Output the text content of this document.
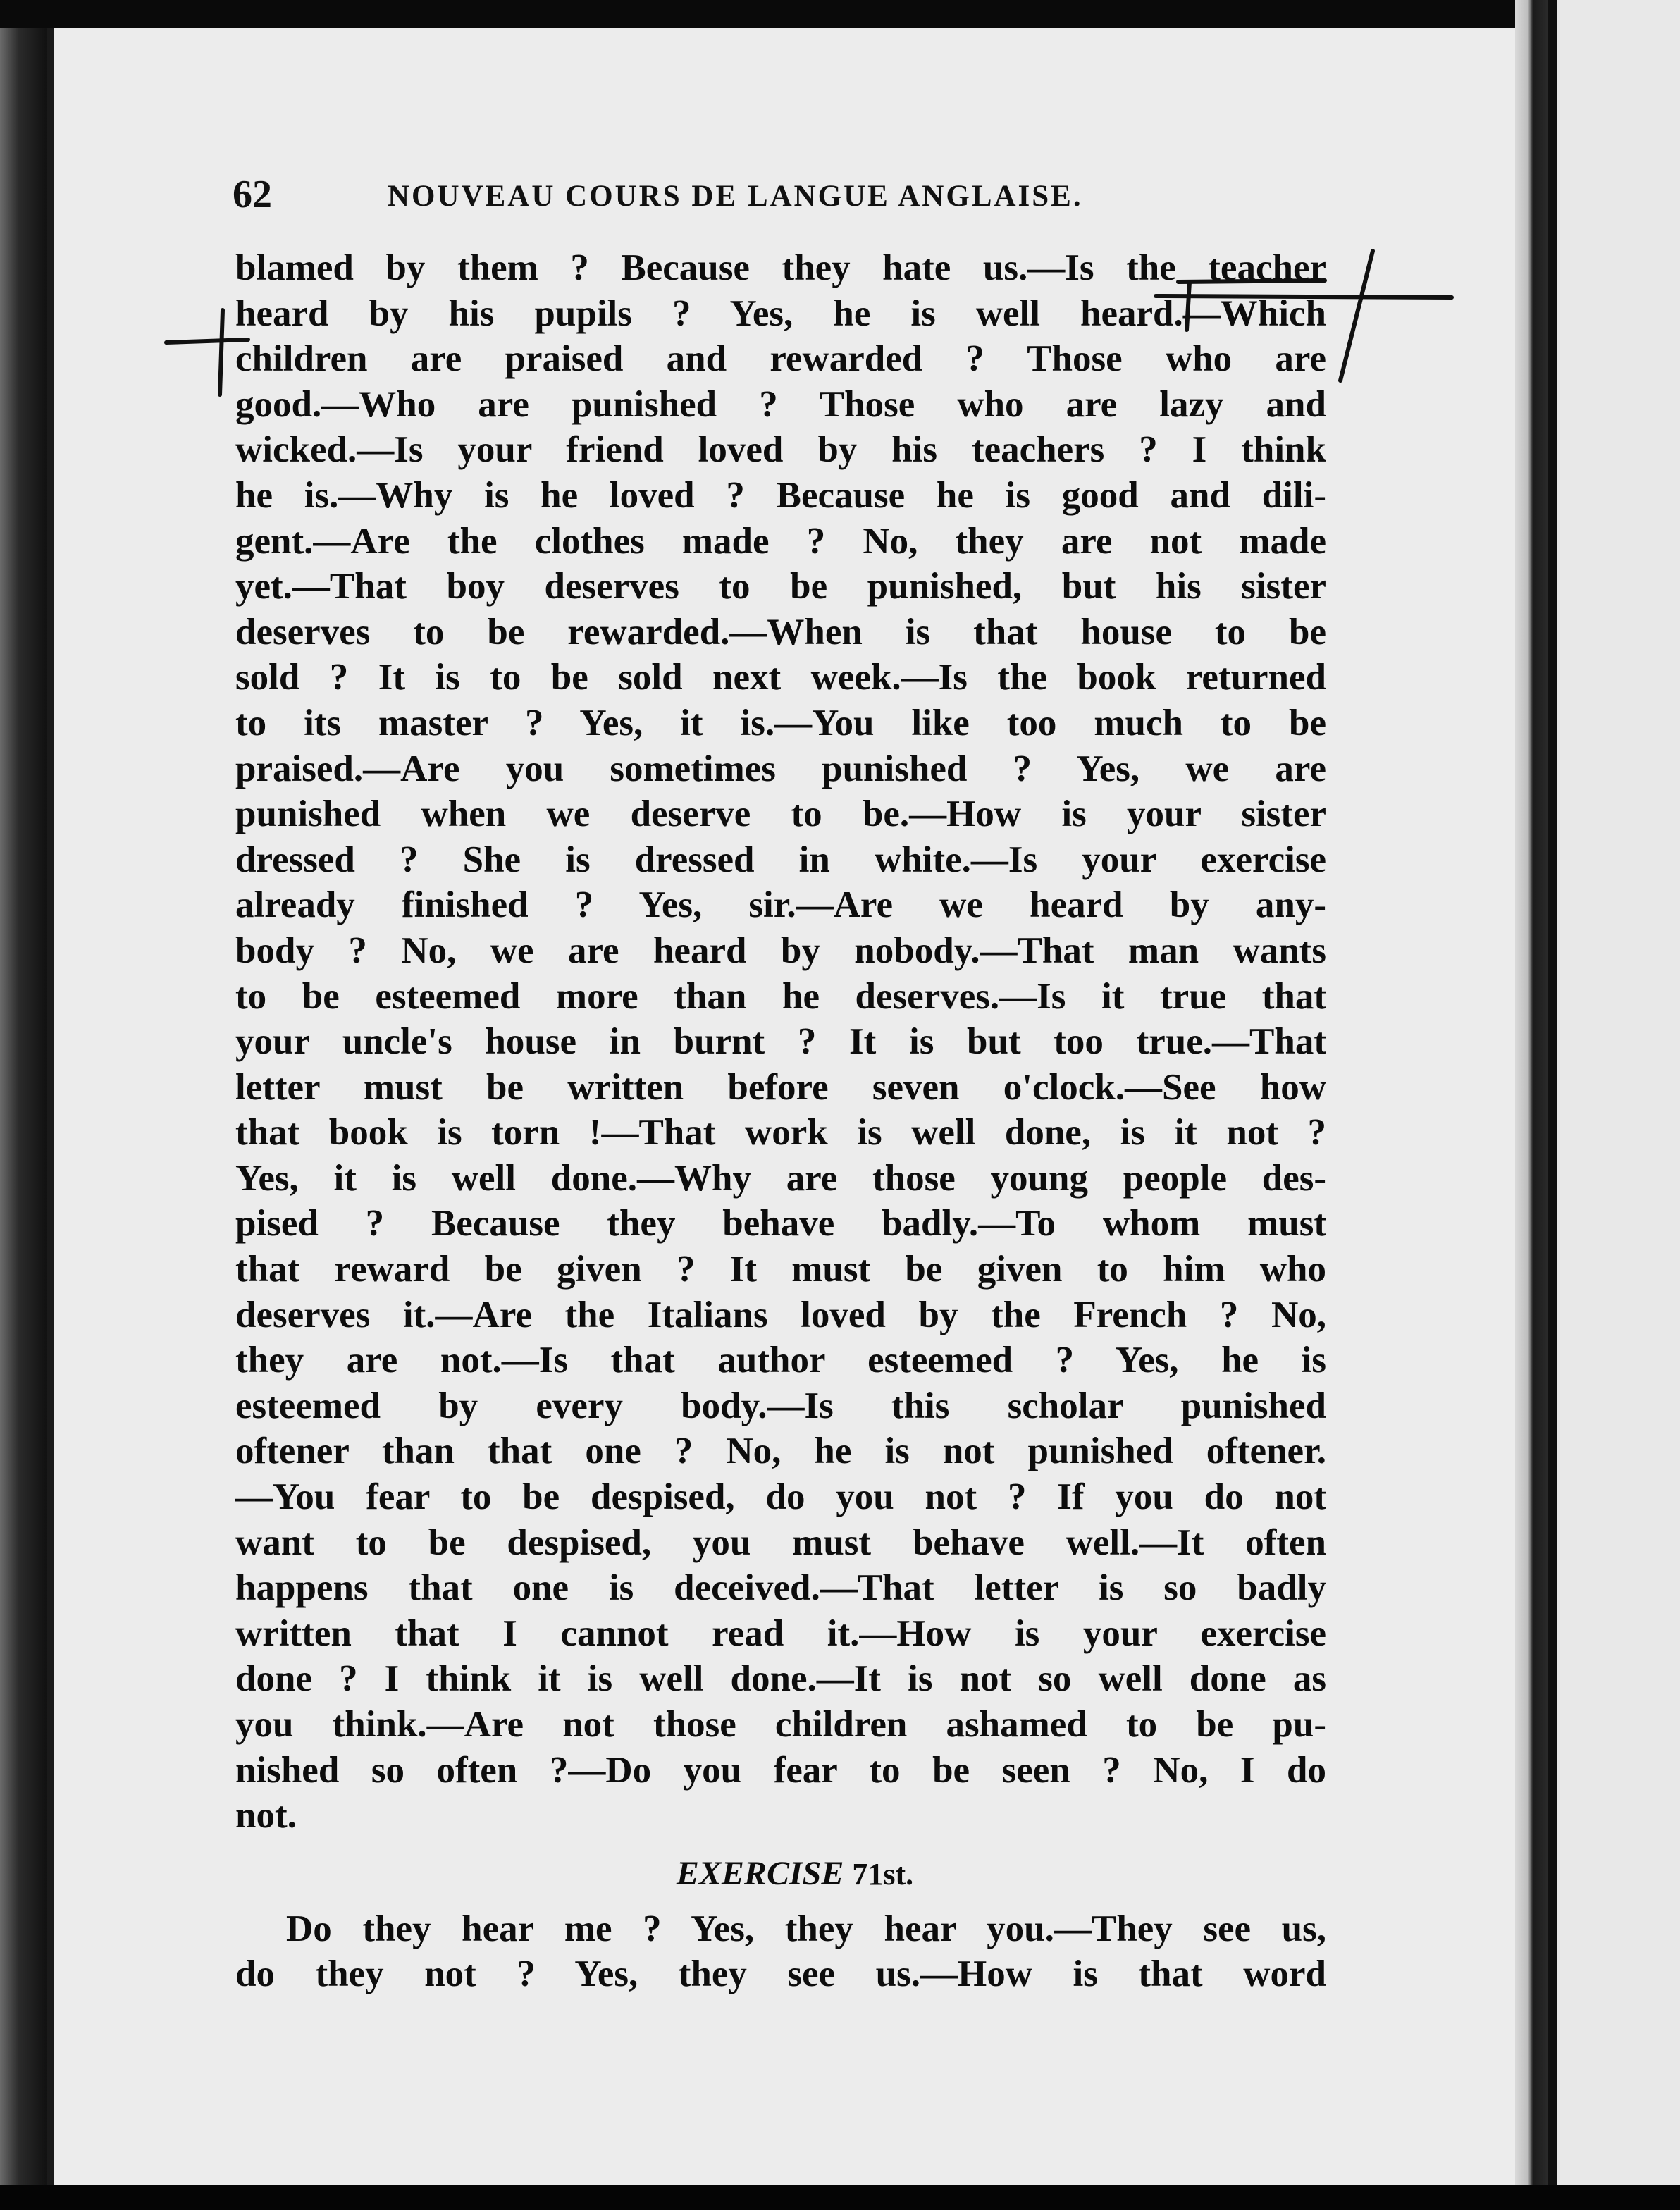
62	NOUVEAU COURS DE LANGUE ANGLAISE.
blamed by them ? Because they hate us.—Is the teacher
heard by his pupils ? Yes, he is well heard.—Which
children are praised and rewarded ? Those who are
good.—Who are punished ? Those who are lazy and
wicked.—Is your friend loved by his teachers ? I think
he is.—Why is he loved ? Because he is good and dili-
gent.—Are the clothes made ? No, they are not made
yet.—That boy deserves to be punished, but his sister
deserves to be rewarded.—When is that house to be
sold ? It is to be sold next week.—Is the book returned
to its master ? Yes, it is.—You like too much to be
praised.—Are you sometimes punished ? Yes, we are
punished when we deserve to be.—How is your sister
dressed ? She is dressed in white.—Is your exercise
already finished ? Yes, sir.—Are we heard by any-
body ? No, we are heard by nobody.—That man wants
to be esteemed more than he deserves.—Is it true that
your uncle's house in burnt ? It is but too true.—That
letter must be written before seven o'clock.—See how
that book is torn !—That work is well done, is it not ?
Yes, it is well done.—Why are those young people des-
pised ? Because they behave badly.—To whom must
that reward be given ? It must be given to him who
deserves it.—Are the Italians loved by the French ? No,
they are not.—Is that author esteemed ? Yes, he is
esteemed by every body.—Is this scholar punished
oftener than that one ? No, he is not punished oftener.
—You fear to be despised, do you not ? If you do not
want to be despised, you must behave well.—It often
happens that one is deceived.—That letter is so badly
written that I cannot read it.—How is your exercise
done ? I think it is well done.—It is not so well done as
you think.—Are not those children ashamed to be pu-
nished so often ?—Do you fear to be seen ? No, I do
not.
EXERCISE 71st.
Do they hear me ? Yes, they hear you.—They see us,
do they not ? Yes, they see us.—How is that word
